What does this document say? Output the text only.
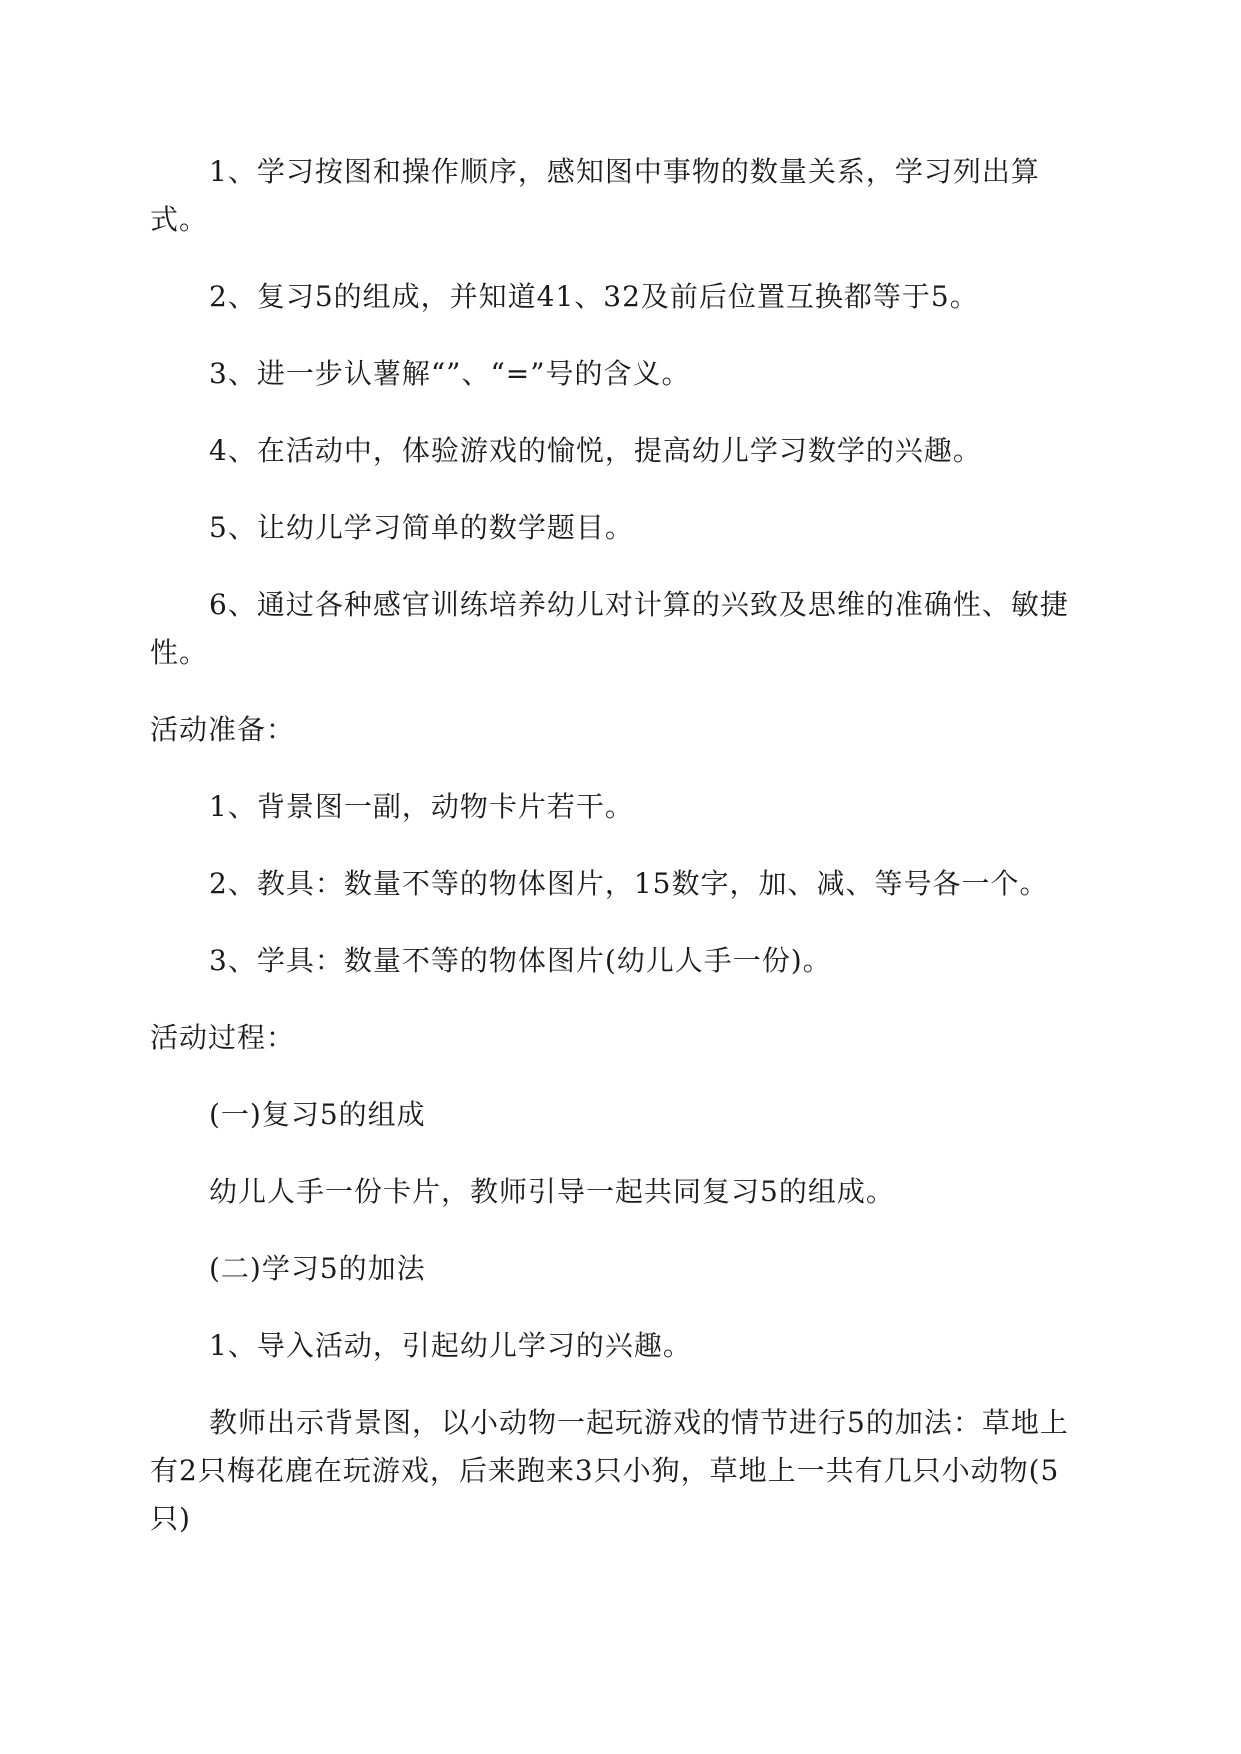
1、学习按图和操作顺序，感知图中事物的数量关系，学习列出算式。

2、复习5的组成，并知道41、32及前后位置互换都等于5。

3、进一步认薯解“”、“=”号的含义。

4、在活动中，体验游戏的愉悦，提高幼儿学习数学的兴趣。

5、让幼儿学习简单的数学题目。

6、通过各种感官训练培养幼儿对计算的兴致及思维的准确性、敏捷性。

活动准备：

1、背景图一副，动物卡片若干。

2、教具：数量不等的物体图片，15数字，加、减、等号各一个。

3、学具：数量不等的物体图片(幼儿人手一份)。

活动过程：

(一)复习5的组成

幼儿人手一份卡片，教师引导一起共同复习5的组成。

(二)学习5的加法

1、导入活动，引起幼儿学习的兴趣。

教师出示背景图，以小动物一起玩游戏的情节进行5的加法：草地上有2只梅花鹿在玩游戏，后来跑来3只小狗，草地上一共有几只小动物(5只)
